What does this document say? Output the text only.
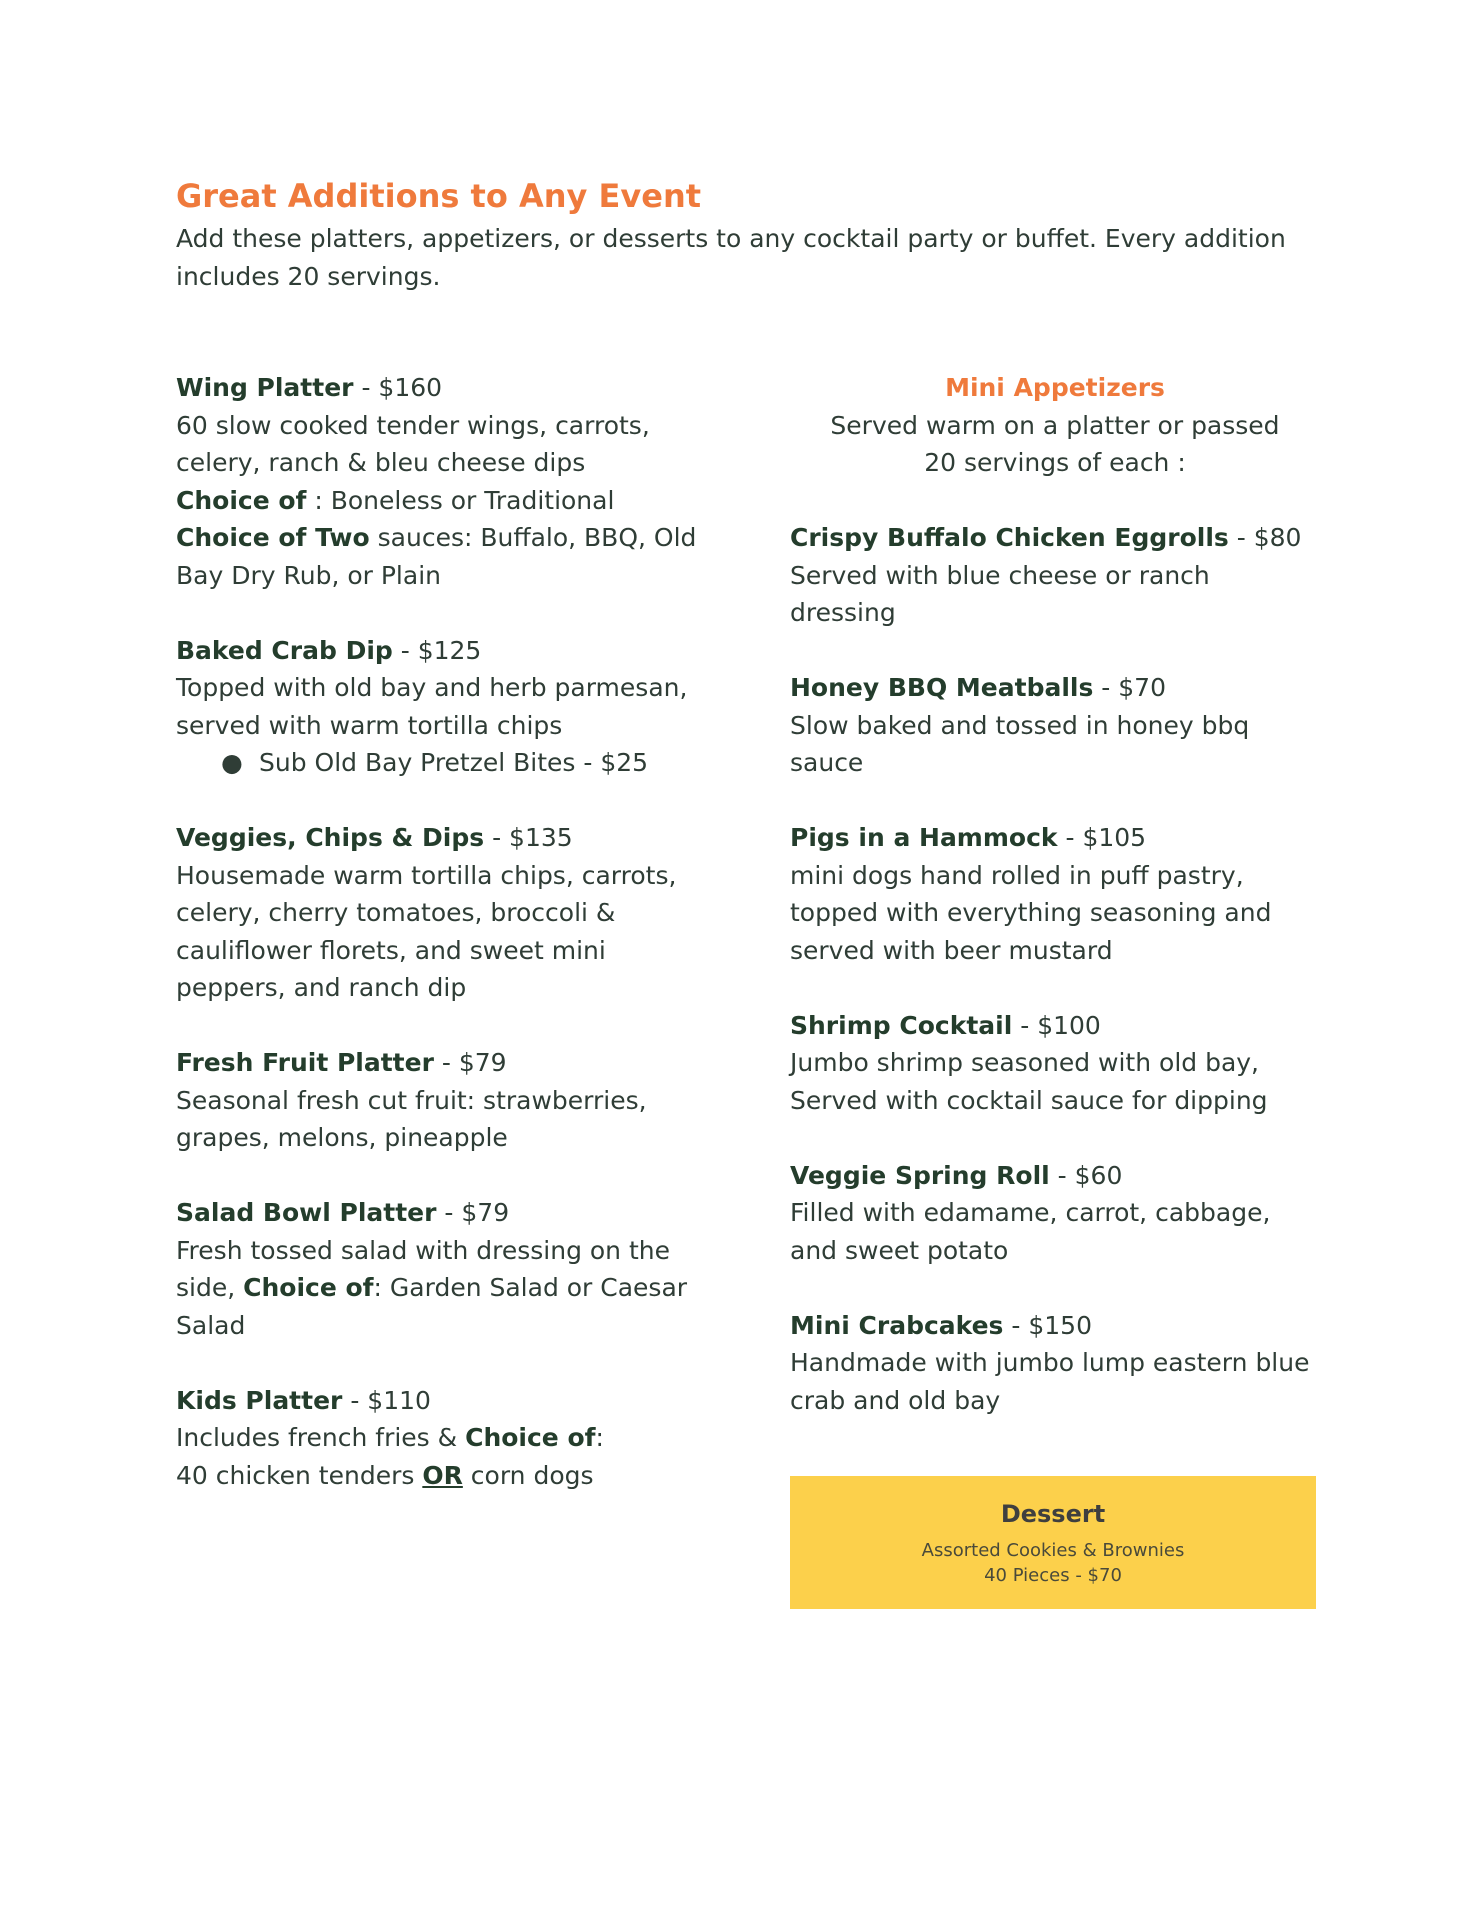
Great Additions to Any Event

Add these platters, appetizers, or desserts to any cocktail party or buffet. Every addition includes 20 servings.

Wing Platter - $160

60 slow cooked tender wings, carrots, celery, ranch & bleu cheese dips

Choice of : Boneless or Traditional

Choice of Two sauces: Buffalo, BBQ, Old Bay Dry Rub, or Plain

Baked Crab Dip - $125

Topped with old bay and herb parmesan, served with warm tortilla chips

● Sub Old Bay Pretzel Bites - $25

Veggies, Chips & Dips - $135

Housemade warm tortilla chips, carrots, celery, cherry tomatoes, broccoli & cauliflower florets, and sweet mini peppers, and ranch dip

Fresh Fruit Platter - $79

Seasonal fresh cut fruit: strawberries, grapes, melons, pineapple

Salad Bowl Platter - $79

Fresh tossed salad with dressing on the side, Choice of: Garden Salad or Caesar Salad

Kids Platter - $110

Includes french fries & Choice of:

40 chicken tenders OR corn dogs

Mini Appetizers

Served warm on a platter or passed

20 servings of each :

Crispy Buffalo Chicken Eggrolls - $80

Served with blue cheese or ranch dressing

Honey BBQ Meatballs - $70

Slow baked and tossed in honey bbq sauce

Pigs in a Hammock - $105

mini dogs hand rolled in puff pastry, topped with everything seasoning and served with beer mustard

Shrimp Cocktail - $100

Jumbo shrimp seasoned with old bay, Served with cocktail sauce for dipping

Veggie Spring Roll - $60

Filled with edamame, carrot, cabbage, and sweet potato

Mini Crabcakes - $150

Handmade with jumbo lump eastern blue crab and old bay

Dessert
Assorted Cookies & Brownies
40 Pieces - $70
